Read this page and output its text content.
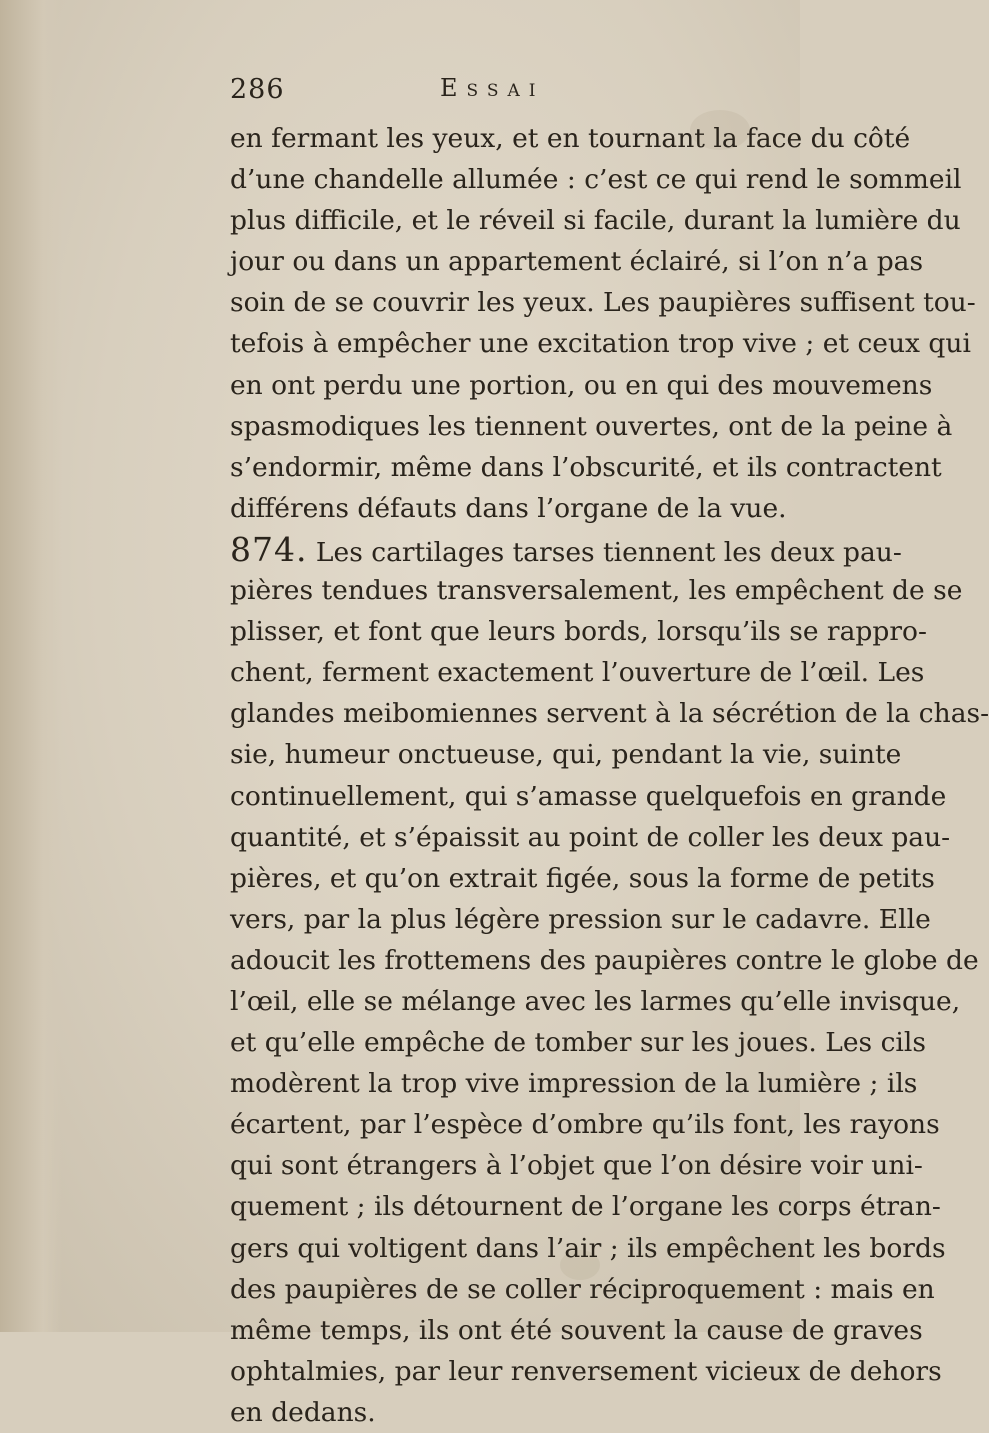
286	Essai
en fermant les yeux, et en tournant la face du côté
d’une chandelle allumée : c’est ce qui rend le sommeil
plus difficile, et le réveil si facile, durant la lumière du
jour ou dans un appartement éclairé, si l’on n’a pas
soin de se couvrir les yeux. Les paupières suffisent tou-
tefois à empêcher une excitation trop vive ; et ceux qui
en ont perdu une portion, ou en qui des mouvemens
spasmodiques les tiennent ouvertes, ont de la peine à
s’endormir, même dans l’obscurité, et ils contractent
différens défauts dans l’organe de la vue.
874. Les cartilages tarses tiennent les deux pau-
pières tendues transversalement, les empêchent de se
plisser, et font que leurs bords, lorsqu’ils se rappro-
chent, ferment exactement l’ouverture de l’œil. Les
glandes meibomiennes servent à la sécrétion de la chas-
sie, humeur onctueuse, qui, pendant la vie, suinte
continuellement, qui s’amasse quelquefois en grande
quantité, et s’épaissit au point de coller les deux pau-
pières, et qu’on extrait figée, sous la forme de petits
vers, par la plus légère pression sur le cadavre. Elle
adoucit les frottemens des paupières contre le globe de
l’œil, elle se mélange avec les larmes qu’elle invisque,
et qu’elle empêche de tomber sur les joues. Les cils
modèrent la trop vive impression de la lumière ; ils
écartent, par l’espèce d’ombre qu’ils font, les rayons
qui sont étrangers à l’objet que l’on désire voir uni-
quement ; ils détournent de l’organe les corps étran-
gers qui voltigent dans l’air ; ils empêchent les bords
des paupières de se coller réciproquement : mais en
même temps, ils ont été souvent la cause de graves
ophtalmies, par leur renversement vicieux de dehors
en dedans.
